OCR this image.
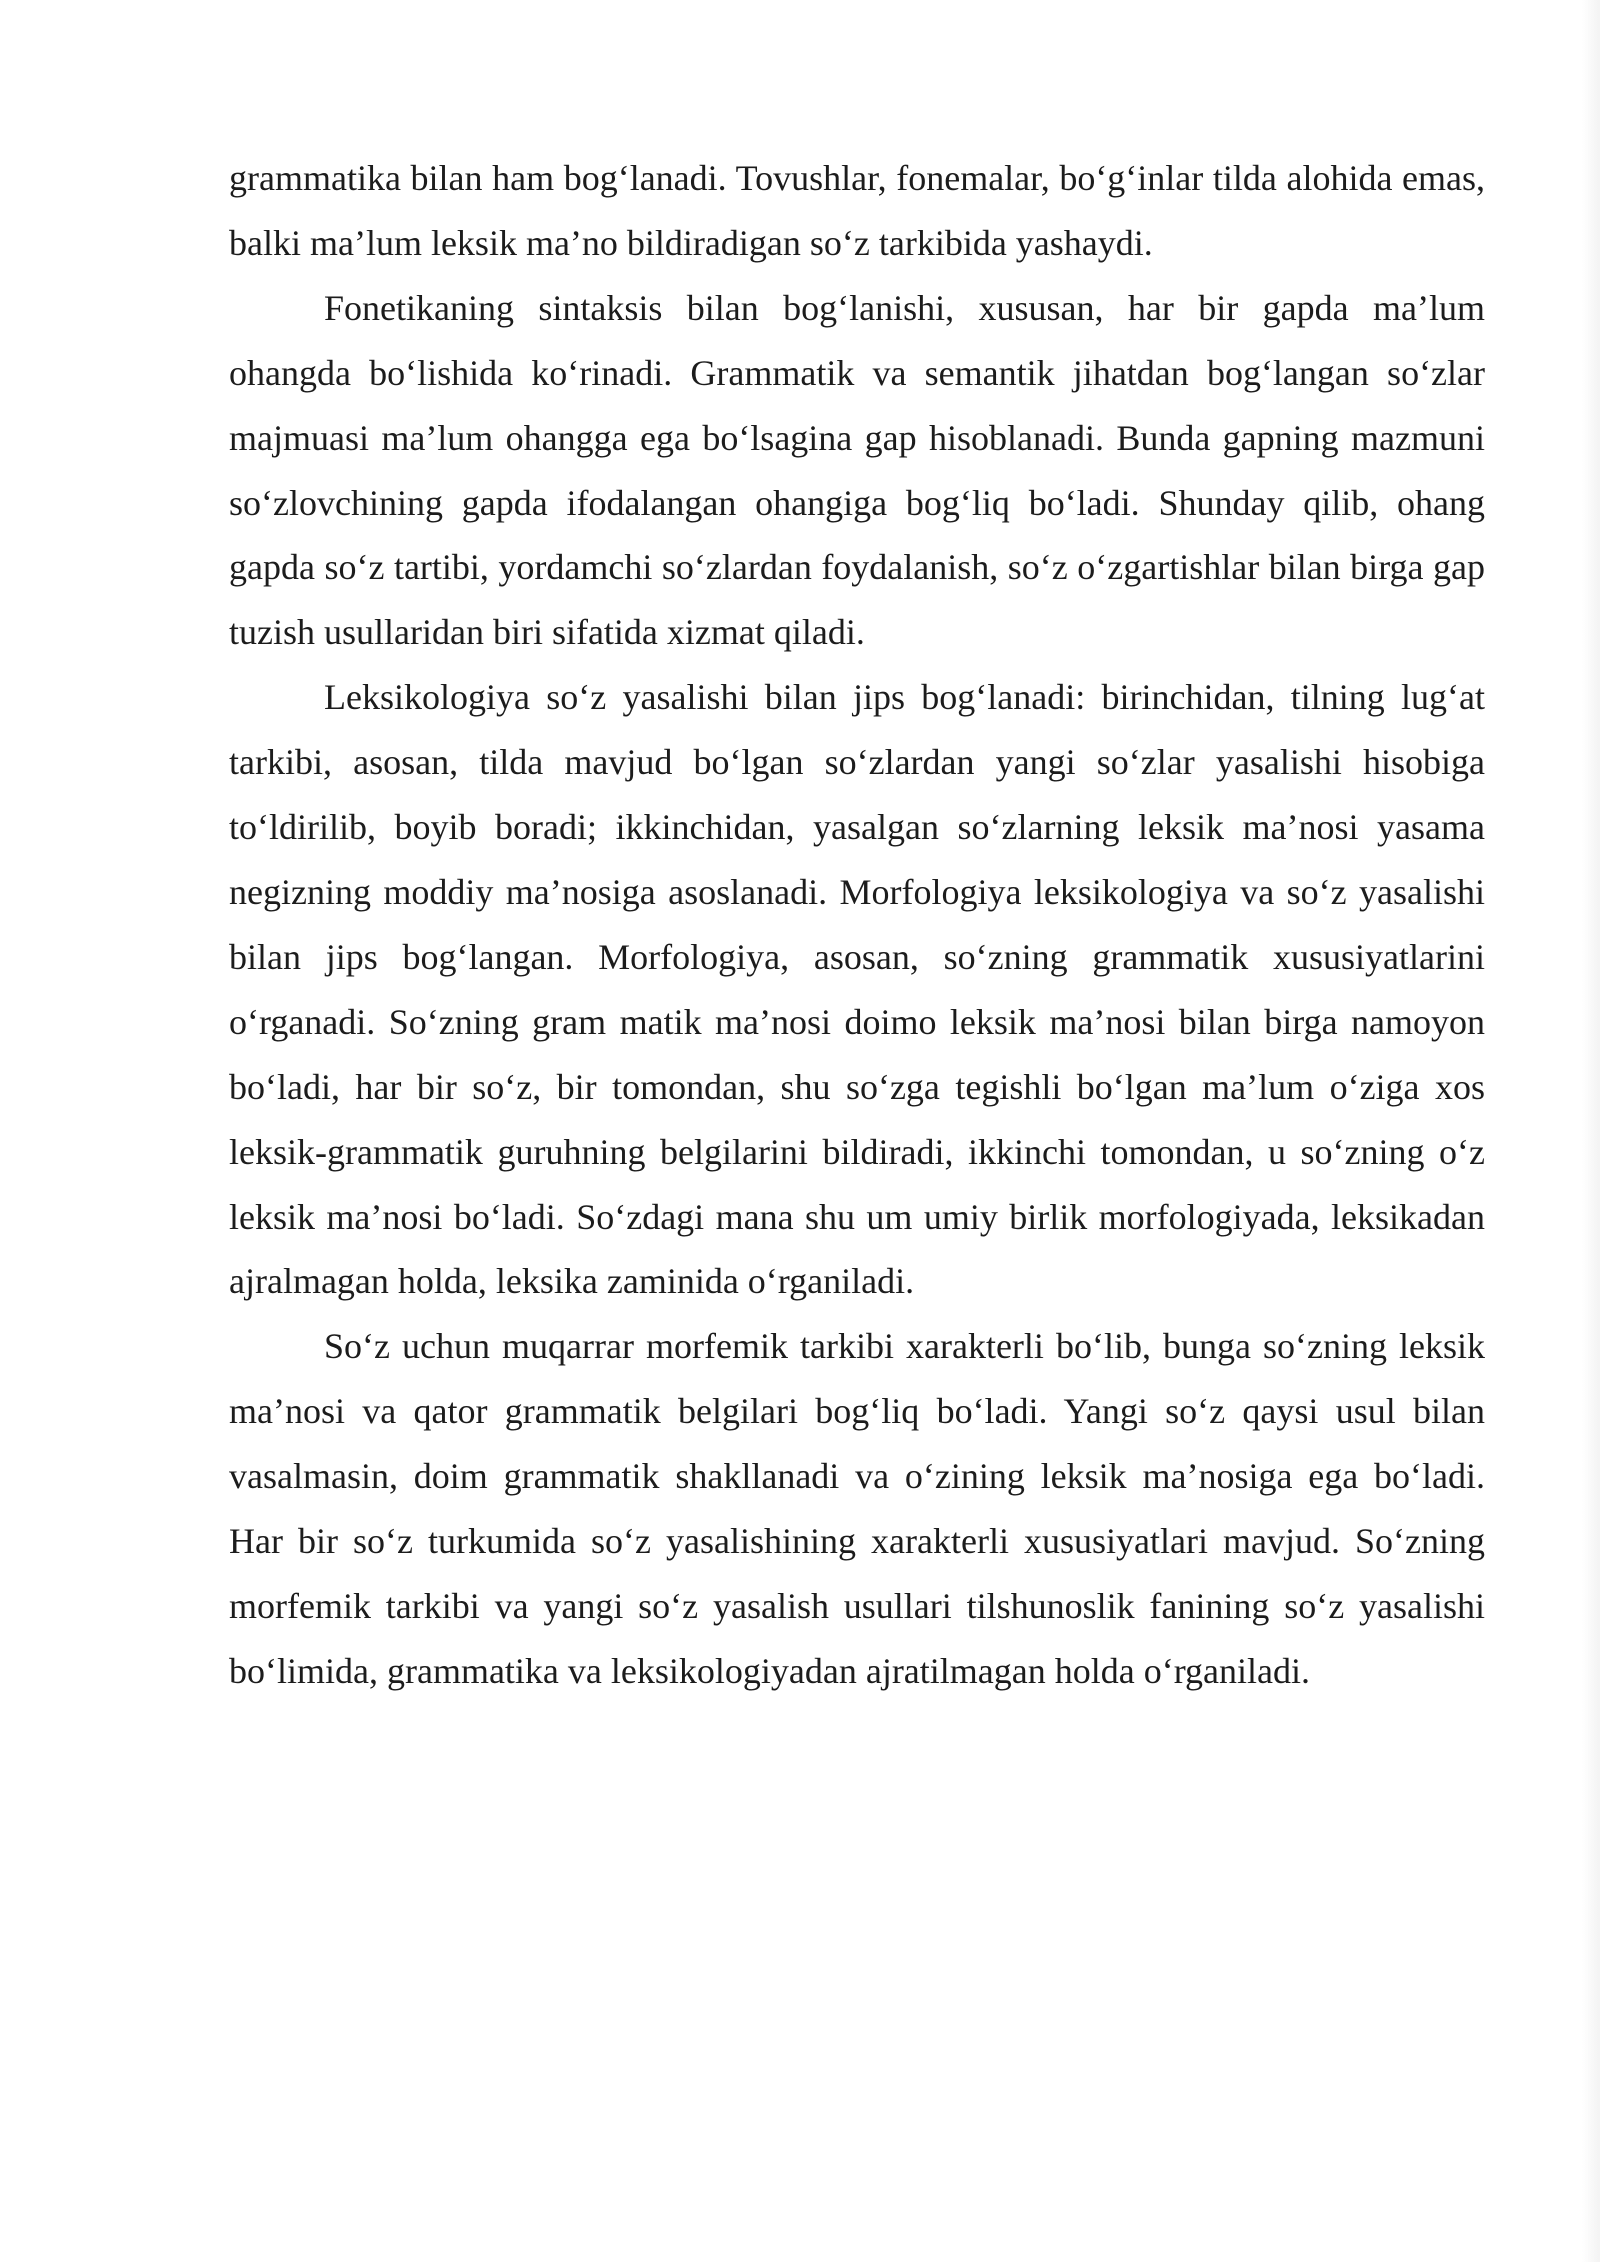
grammatika bilan ham bog‘lanadi. Tovushlar, fonemalar, bo‘g‘inlar tilda alohida emas, balki ma’lum leksik ma’no bildiradigan so‘z tarkibida yashaydi.

Fonetikaning sintaksis bilan bog‘lanishi, xususan, har bir gapda ma’lum ohangda bo‘lishida ko‘rinadi. Grammatik va semantik jihatdan bog‘langan so‘zlar majmuasi ma’lum ohangga ega bo‘lsagina gap hisoblanadi. Bunda gapning mazmuni so‘zlovchining gapda ifodalangan ohangiga bog‘liq bo‘ladi. Shunday qilib, ohang gapda so‘z tartibi, yordamchi so‘zlardan foydalanish, so‘z o‘zgartishlar bilan birga gap tuzish usullaridan biri sifatida xizmat qiladi.

Leksikologiya so‘z yasalishi bilan jips bog‘lanadi: birinchidan, tilning lug‘at tarkibi, asosan, tilda mavjud bo‘lgan so‘zlardan yangi so‘zlar yasalishi hisobiga to‘ldirilib, boyib boradi; ikkinchidan, yasalgan so‘zlarning leksik ma’nosi yasama negizning moddiy ma’nosiga asoslanadi. Morfologiya leksikologiya va so‘z yasalishi bilan jips bog‘langan. Morfologiya, asosan, so‘zning grammatik xususiyatlarini o‘rganadi. So‘zning gram matik ma’nosi doimo leksik ma’nosi bilan birga namoyon bo‘ladi, har bir so‘z, bir tomondan, shu so‘zga tegishli bo‘lgan ma’lum o‘ziga xos leksik-grammatik guruhning belgilarini bildiradi, ikkinchi tomondan, u so‘zning o‘z leksik ma’nosi bo‘ladi. So‘zdagi mana shu um umiy birlik morfologiyada, leksikadan ajralmagan holda, leksika zaminida o‘rganiladi.

So‘z uchun muqarrar morfemik tarkibi xarakterli bo‘lib, bunga so‘zning leksik ma’nosi va qator grammatik belgilari bog‘liq bo‘ladi. Yangi so‘z qaysi usul bilan vasalmasin, doim grammatik shakllanadi va o‘zining leksik ma’nosiga ega bo‘ladi. Har bir so‘z turkumida so‘z yasalishining xarakterli xususiyatlari mavjud. So‘zning morfemik tarkibi va yangi so‘z yasalish usullari tilshunoslik fanining so‘z yasalishi bo‘limida, grammatika va leksikologiyadan ajratilmagan holda o‘rganiladi.
